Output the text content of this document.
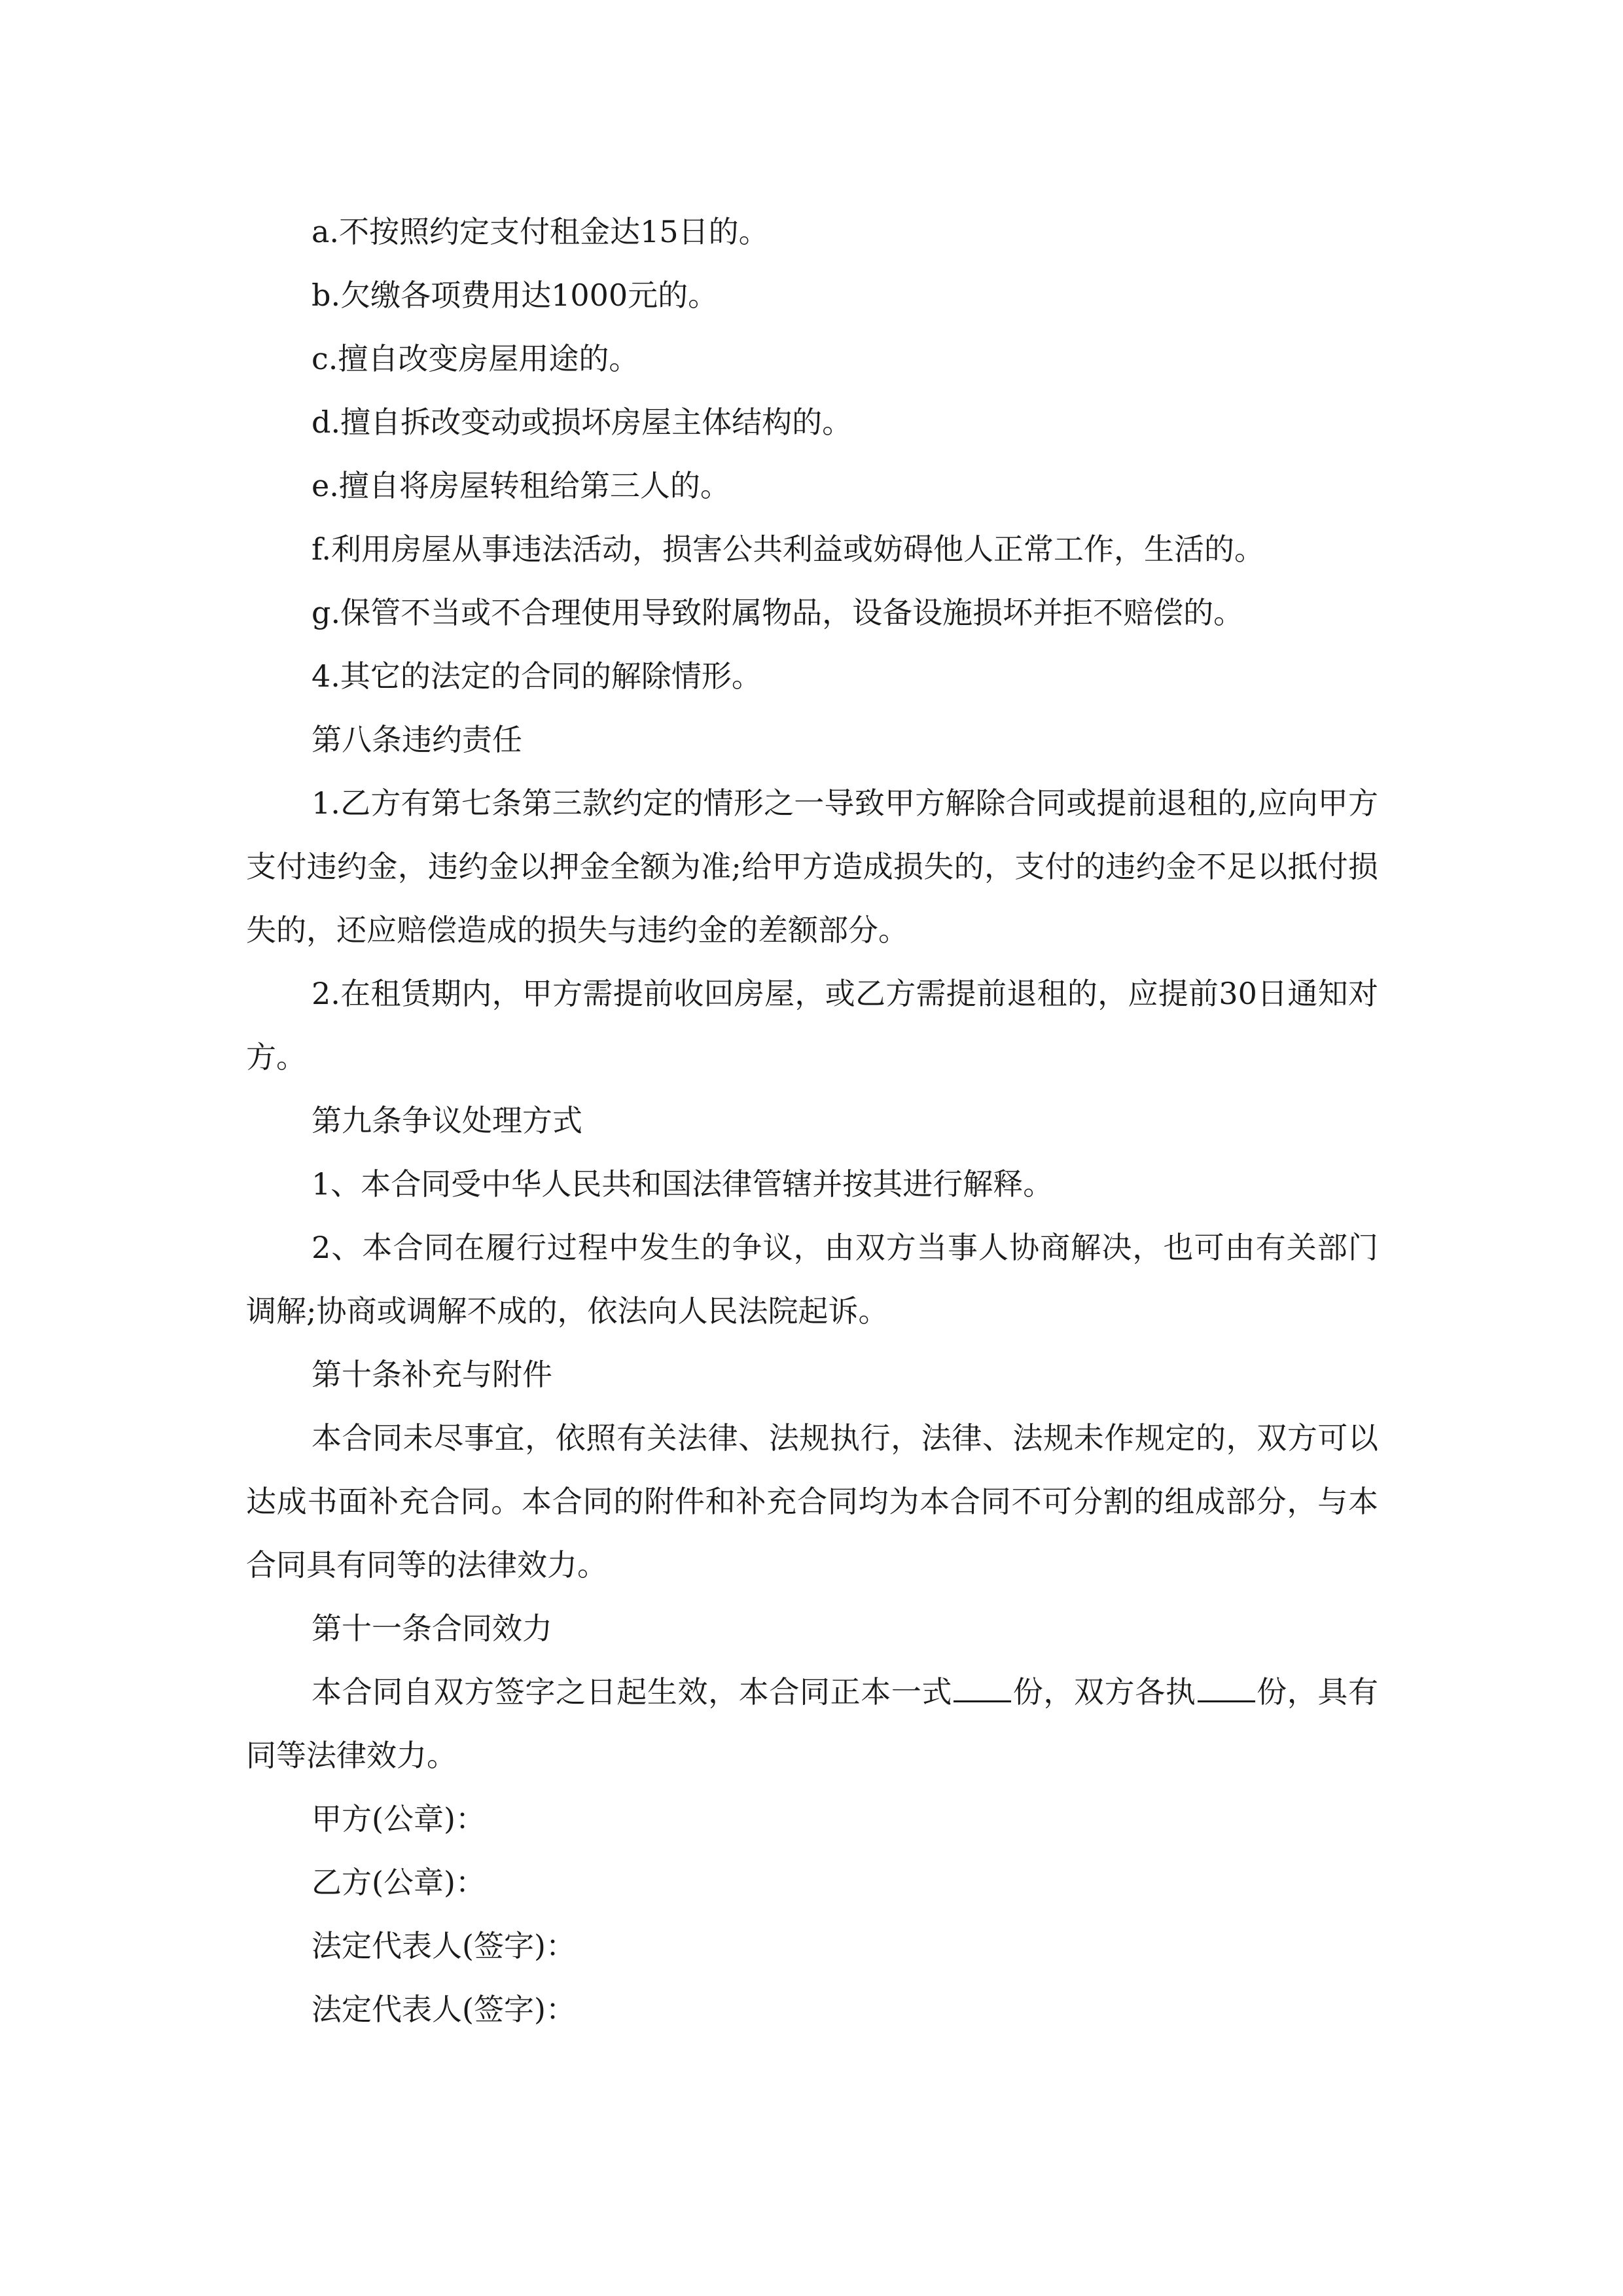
a.不按照约定支付租金达15日的。

b.欠缴各项费用达1000元的。

c.擅自改变房屋用途的。

d.擅自拆改变动或损坏房屋主体结构的。

e.擅自将房屋转租给第三人的。

f.利用房屋从事违法活动，损害公共利益或妨碍他人正常工作，生活的。

g.保管不当或不合理使用导致附属物品，设备设施损坏并拒不赔偿的。

4.其它的法定的合同的解除情形。

第八条违约责任

1.乙方有第七条第三款约定的情形之一导致甲方解除合同或提前退租的,应向甲方支付违约金，违约金以押金全额为准;给甲方造成损失的，支付的违约金不足以抵付损失的，还应赔偿造成的损失与违约金的差额部分。

2.在租赁期内，甲方需提前收回房屋，或乙方需提前退租的，应提前30日通知对方。

第九条争议处理方式

1、本合同受中华人民共和国法律管辖并按其进行解释。

2、本合同在履行过程中发生的争议，由双方当事人协商解决，也可由有关部门调解;协商或调解不成的，依法向人民法院起诉。

第十条补充与附件

本合同未尽事宜，依照有关法律、法规执行，法律、法规未作规定的，双方可以达成书面补充合同。本合同的附件和补充合同均为本合同不可分割的组成部分，与本合同具有同等的法律效力。

第十一条合同效力

本合同自双方签字之日起生效，本合同正本一式 份，双方各执 份，具有同等法律效力。

甲方(公章)：

乙方(公章)：

法定代表人(签字)：

法定代表人(签字)：
